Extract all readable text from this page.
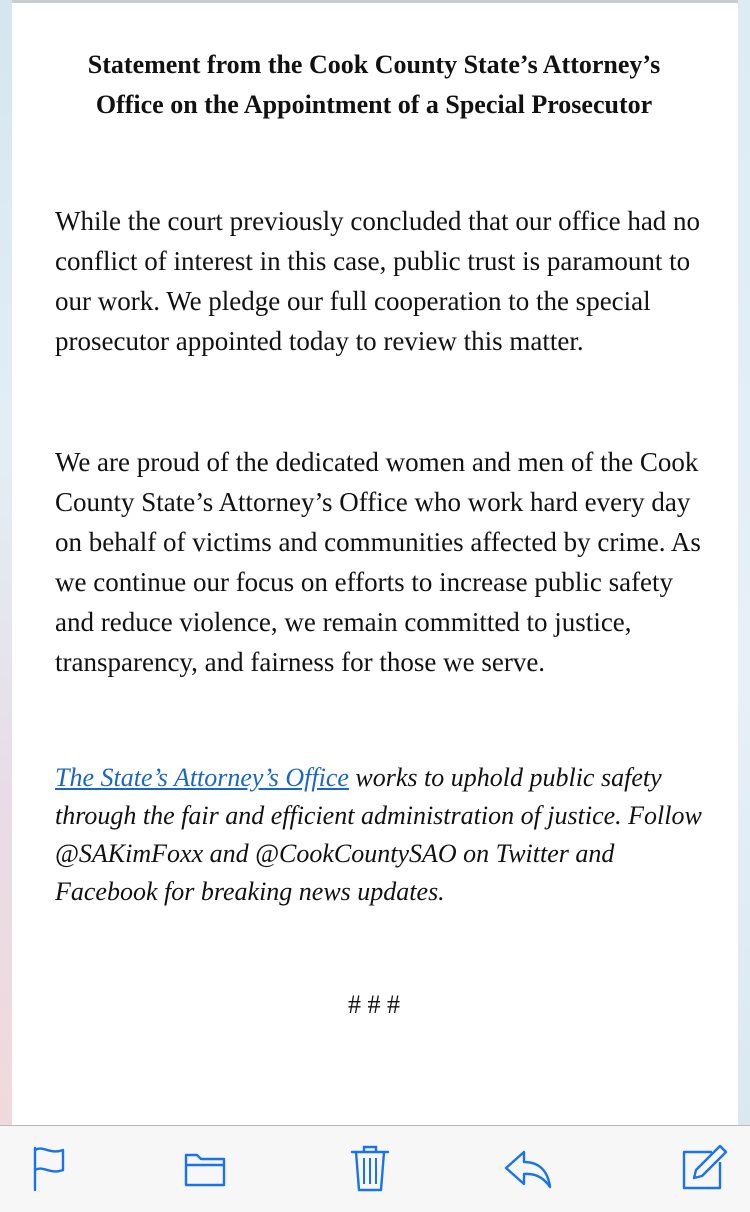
Statement from the Cook County State’s Attorney’s Office on the Appointment of a Special Prosecutor

While the court previously concluded that our office had no conflict of interest in this case, public trust is paramount to our work. We pledge our full cooperation to the special prosecutor appointed today to review this matter.

We are proud of the dedicated women and men of the Cook County State’s Attorney’s Office who work hard every day on behalf of victims and communities affected by crime. As we continue our focus on efforts to increase public safety and reduce violence, we remain committed to justice, transparency, and fairness for those we serve.

The State’s Attorney’s Office works to uphold public safety through the fair and efficient administration of justice. Follow @SAKimFoxx and @CookCountySAO on Twitter and Facebook for breaking news updates.

# # #
